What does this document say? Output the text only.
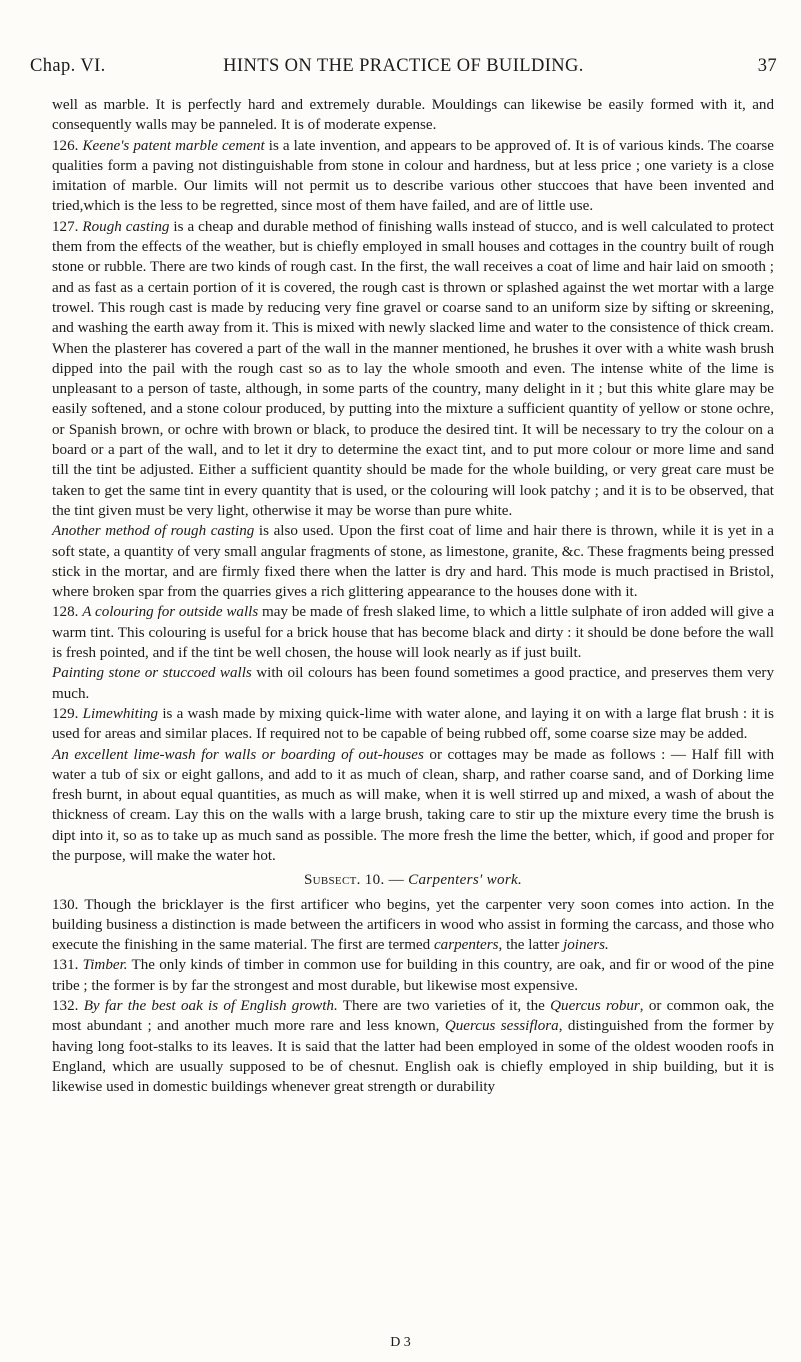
Chap. VI.	HINTS ON THE PRACTICE OF BUILDING.	37

well as marble. It is perfectly hard and extremely durable. Mouldings can likewise be easily formed with it, and consequently walls may be panneled. It is of moderate expense.

126. Keene's patent marble cement is a late invention, and appears to be approved of. It is of various kinds. The coarse qualities form a paving not distinguishable from stone in colour and hardness, but at less price ; one variety is a close imitation of marble. Our limits will not permit us to describe various other stuccoes that have been invented and tried,which is the less to be regretted, since most of them have failed, and are of little use.

127. Rough casting is a cheap and durable method of finishing walls instead of stucco, and is well calculated to protect them from the effects of the weather, but is chiefly employed in small houses and cottages in the country built of rough stone or rubble. There are two kinds of rough cast. In the first, the wall receives a coat of lime and hair laid on smooth ; and as fast as a certain portion of it is covered, the rough cast is thrown or splashed against the wet mortar with a large trowel. This rough cast is made by reducing very fine gravel or coarse sand to an uniform size by sifting or skreening, and washing the earth away from it. This is mixed with newly slacked lime and water to the consistence of thick cream. When the plasterer has covered a part of the wall in the manner mentioned, he brushes it over with a white wash brush dipped into the pail with the rough cast so as to lay the whole smooth and even. The intense white of the lime is unpleasant to a person of taste, although, in some parts of the country, many delight in it ; but this white glare may be easily softened, and a stone colour produced, by putting into the mixture a sufficient quantity of yellow or stone ochre, or Spanish brown, or ochre with brown or black, to produce the desired tint. It will be necessary to try the colour on a board or a part of the wall, and to let it dry to determine the exact tint, and to put more colour or more lime and sand till the tint be adjusted. Either a sufficient quantity should be made for the whole building, or very great care must be taken to get the same tint in every quantity that is used, or the colouring will look patchy ; and it is to be observed, that the tint given must be very light, otherwise it may be worse than pure white.

Another method of rough casting is also used. Upon the first coat of lime and hair there is thrown, while it is yet in a soft state, a quantity of very small angular fragments of stone, as limestone, granite, &c. These fragments being pressed stick in the mortar, and are firmly fixed there when the latter is dry and hard. This mode is much practised in Bristol, where broken spar from the quarries gives a rich glittering appearance to the houses done with it.

128. A colouring for outside walls may be made of fresh slaked lime, to which a little sulphate of iron added will give a warm tint. This colouring is useful for a brick house that has become black and dirty : it should be done before the wall is fresh pointed, and if the tint be well chosen, the house will look nearly as if just built.

Painting stone or stuccoed walls with oil colours has been found sometimes a good practice, and preserves them very much.

129. Limewhiting is a wash made by mixing quick-lime with water alone, and laying it on with a large flat brush : it is used for areas and similar places. If required not to be capable of being rubbed off, some coarse size may be added.

An excellent lime-wash for walls or boarding of out-houses or cottages may be made as follows : — Half fill with water a tub of six or eight gallons, and add to it as much of clean, sharp, and rather coarse sand, and of Dorking lime fresh burnt, in about equal quantities, as much as will make, when it is well stirred up and mixed, a wash of about the thickness of cream. Lay this on the walls with a large brush, taking care to stir up the mixture every time the brush is dipt into it, so as to take up as much sand as possible. The more fresh the lime the better, which, if good and proper for the purpose, will make the water hot.

Subsect. 10. — Carpenters' work.

130. Though the bricklayer is the first artificer who begins, yet the carpenter very soon comes into action. In the building business a distinction is made between the artificers in wood who assist in forming the carcass, and those who execute the finishing in the same material. The first are termed carpenters, the latter joiners.

131. Timber. The only kinds of timber in common use for building in this country, are oak, and fir or wood of the pine tribe ; the former is by far the strongest and most durable, but likewise most expensive.

132. By far the best oak is of English growth. There are two varieties of it, the Quercus robur, or common oak, the most abundant ; and another much more rare and less known, Quercus sessiflora, distinguished from the former by having long foot-stalks to its leaves. It is said that the latter had been employed in some of the oldest wooden roofs in England, which are usually supposed to be of chesnut. English oak is chiefly employed in ship building, but it is likewise used in domestic buildings whenever great strength or durability

D 3
